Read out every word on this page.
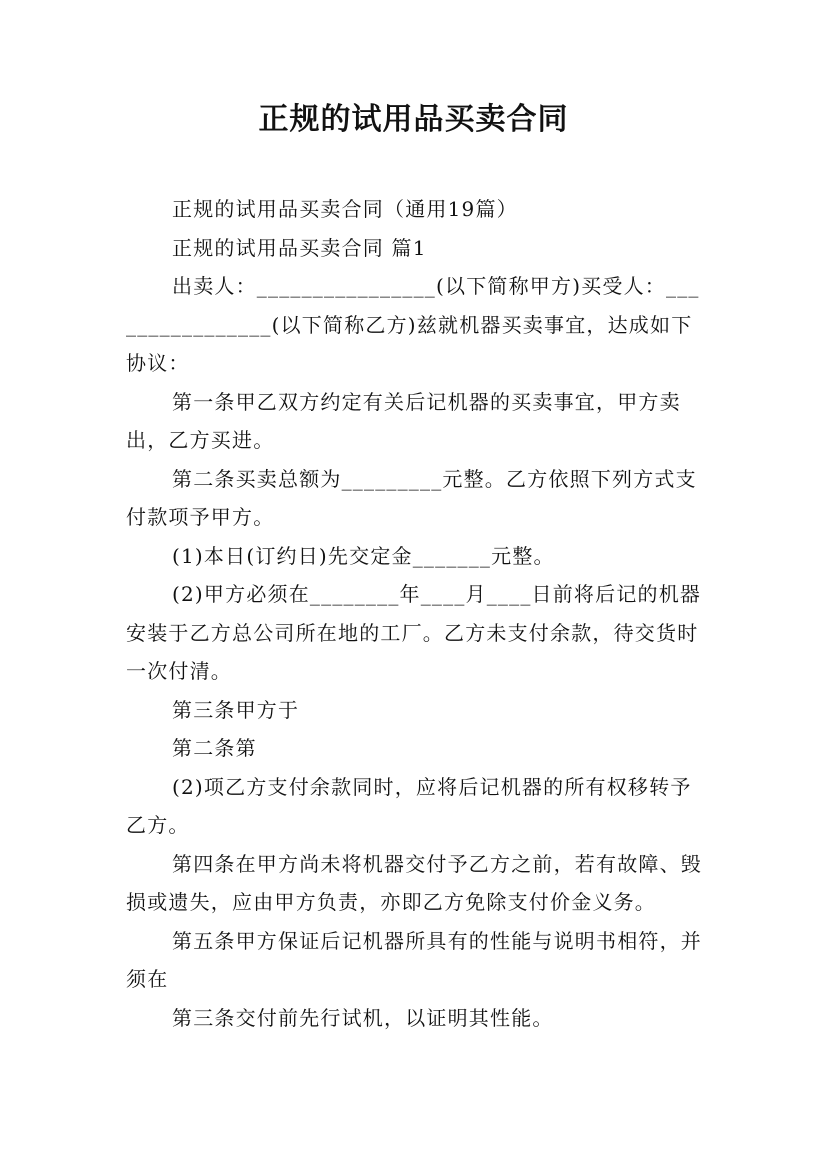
正规的试用品买卖合同

正规的试用品买卖合同（通用19篇）

正规的试用品买卖合同 篇1

出卖人：________________(以下简称甲方)买受人：________________(以下简称乙方)兹就机器买卖事宜，达成如下协议：

第一条甲乙双方约定有关后记机器的买卖事宜，甲方卖出，乙方买进。

第二条买卖总额为_________元整。乙方依照下列方式支付款项予甲方。

(1)本日(订约日)先交定金_______元整。

(2)甲方必须在________年____月____日前将后记的机器安装于乙方总公司所在地的工厂。乙方未支付余款，待交货时一次付清。

第三条甲方于

第二条第

(2)项乙方支付余款同时，应将后记机器的所有权移转予乙方。

第四条在甲方尚未将机器交付予乙方之前，若有故障、毁损或遗失，应由甲方负责，亦即乙方免除支付价金义务。

第五条甲方保证后记机器所具有的性能与说明书相符，并须在

第三条交付前先行试机，以证明其性能。
